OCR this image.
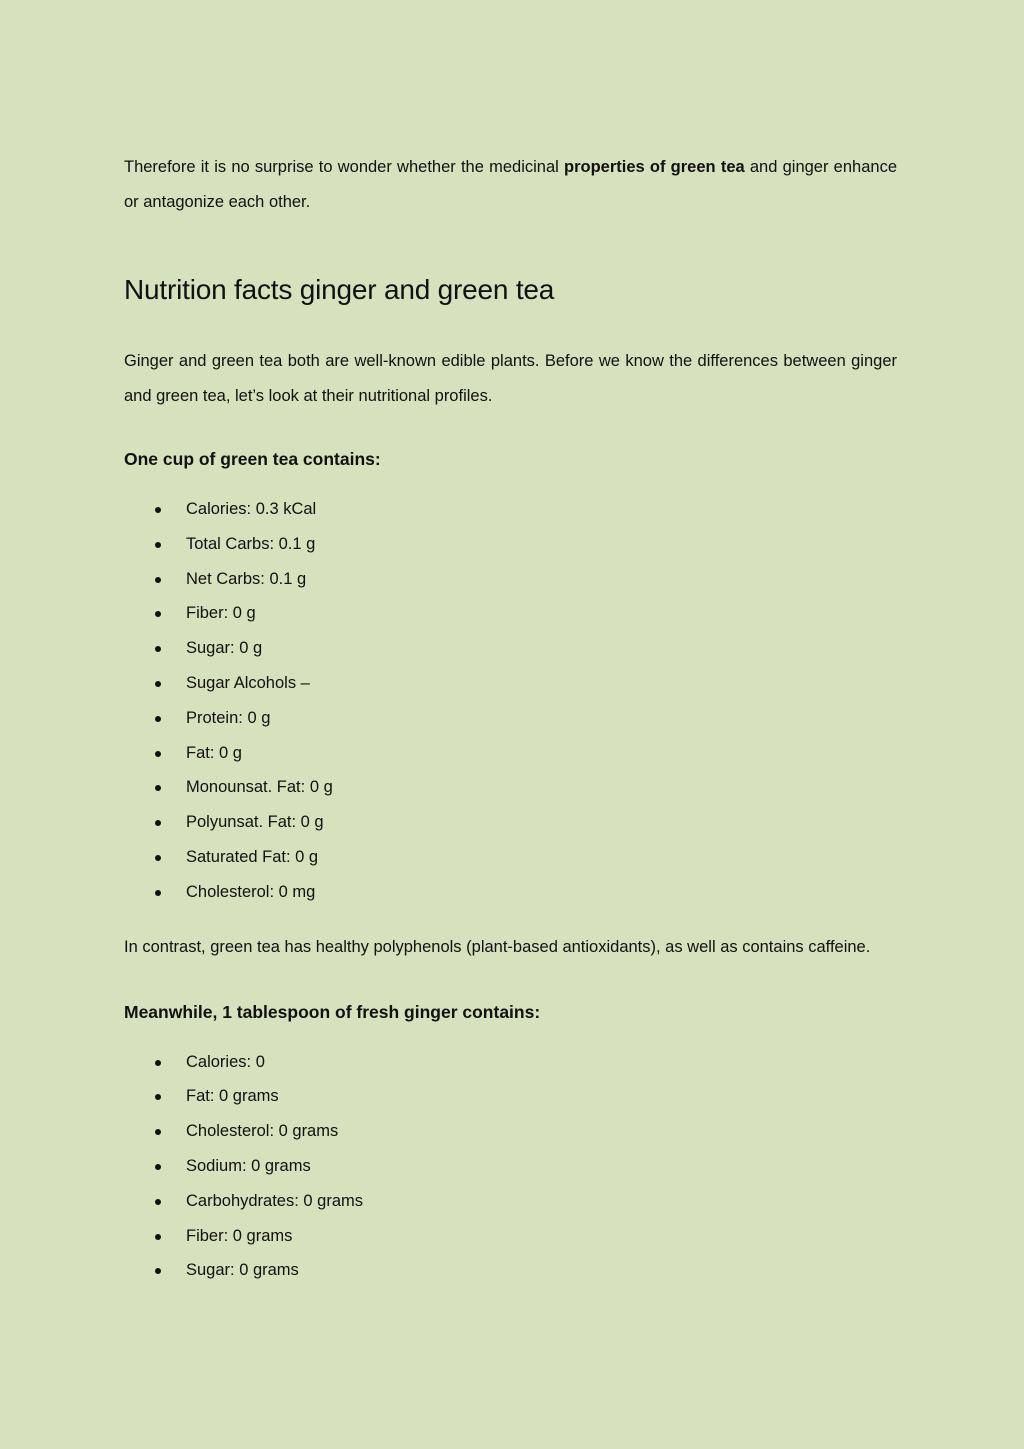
Therefore it is no surprise to wonder whether the medicinal properties of green tea and ginger enhance or antagonize each other.

Nutrition facts ginger and green tea

Ginger and green tea both are well-known edible plants. Before we know the differences between ginger and green tea, let’s look at their nutritional profiles.

One cup of green tea contains:
Calories: 0.3 kCal
Total Carbs: 0.1 g
Net Carbs: 0.1 g
Fiber: 0 g
Sugar: 0 g
Sugar Alcohols –
Protein: 0 g
Fat: 0 g
Monounsat. Fat: 0 g
Polyunsat. Fat: 0 g
Saturated Fat: 0 g
Cholesterol: 0 mg

In contrast, green tea has healthy polyphenols (plant-based antioxidants), as well as contains caffeine.

Meanwhile, 1 tablespoon of fresh ginger contains:
Calories: 0
Fat: 0 grams
Cholesterol: 0 grams
Sodium: 0 grams
Carbohydrates: 0 grams
Fiber: 0 grams
Sugar: 0 grams
